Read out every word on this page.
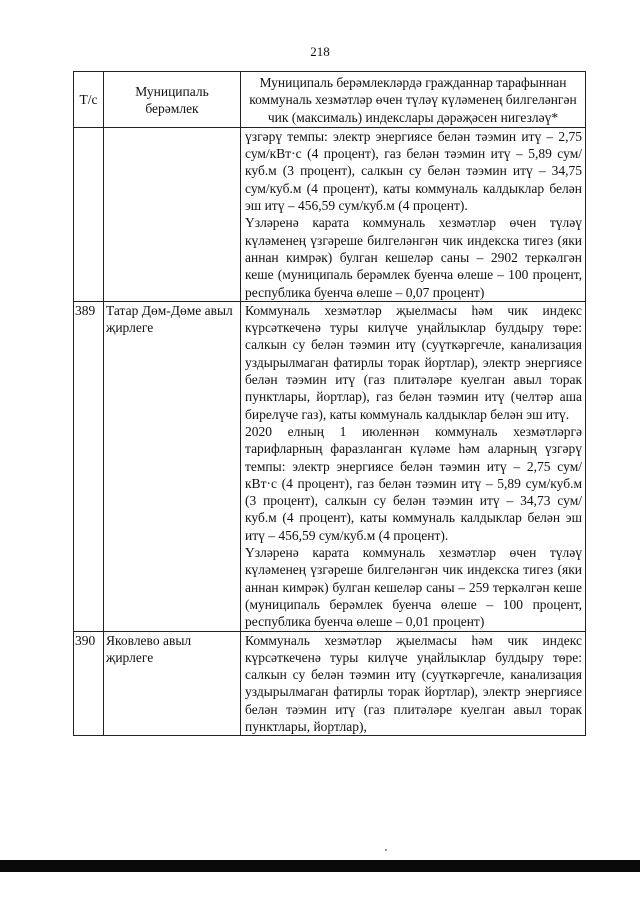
218
Т/с	Муниципаль берәмлек	Муниципаль берәмлекләрдә гражданнар тарафыннан коммуналь хезмәтләр өчен түләү күләменең билгеләнгән чик (максималь) индекслары дәрәҗәсен нигезләү*

		үзгәрү темпы: электр энергиясе белән тәэмин итү – 2,75 сум/кВт·с (4 процент), газ белән тәэмин итү – 5,89 сум/куб.м (3 процент), салкын су белән тәэмин итү – 34,75 сум/куб.м (4 процент), каты коммуналь калдыклар белән эш итү – 456,59 сум/куб.м (4 процент).

Үзләренә карата коммуналь хезмәтләр өчен түләү күләменең үзгәреше билгеләнгән чик индекска тигез (яки аннан кимрәк) булган кешеләр саны – 2902 теркәлгән кеше (муниципаль берәмлек буенча өлеше – 100 процент, республика буенча өлеше – 0,07 процент)

389	Татар Дөм-Дөме авыл җирлеге	Коммуналь хезмәтләр җыелмасы һәм чик индекс күрсәткеченә туры килүче уңайлыклар булдыру төре: салкын су белән тәэмин итү (суүткәргечле, канализация уздырылмаган фатирлы торак йортлар), электр энергиясе белән тәэмин итү (газ плитәләре куелган авыл торак пунктлары, йортлар), газ белән тәэмин итү (челтәр аша бирелүче газ), каты коммуналь калдыклар белән эш итү.

2020 елның 1 июленнән коммуналь хезмәтләргә тарифларның фаразланган күләме һәм аларның үзгәрү темпы: электр энергиясе белән тәэмин итү – 2,75 сум/кВт·с (4 процент), газ белән тәэмин итү – 5,89 сум/куб.м (3 процент), салкын су белән тәэмин итү – 34,73 сум/куб.м (4 процент), каты коммуналь калдыклар белән эш итү – 456,59 сум/куб.м (4 процент).

Үзләренә карата коммуналь хезмәтләр өчен түләү күләменең үзгәреше билгеләнгән чик индекска тигез (яки аннан кимрәк) булган кешеләр саны – 259 теркәлгән кеше (муниципаль берәмлек буенча өлеше – 100 процент, республика буенча өлеше – 0,01 процент)

390	Яковлево авыл җирлеге	Коммуналь хезмәтләр җыелмасы һәм чик индекс күрсәткеченә туры килүче уңайлыклар булдыру төре: салкын су белән тәэмин итү (суүткәргечле, канализация уздырылмаган фатирлы торак йортлар), электр энергиясе белән тәэмин итү (газ плитәләре куелган авыл торак пунктлары, йортлар),
